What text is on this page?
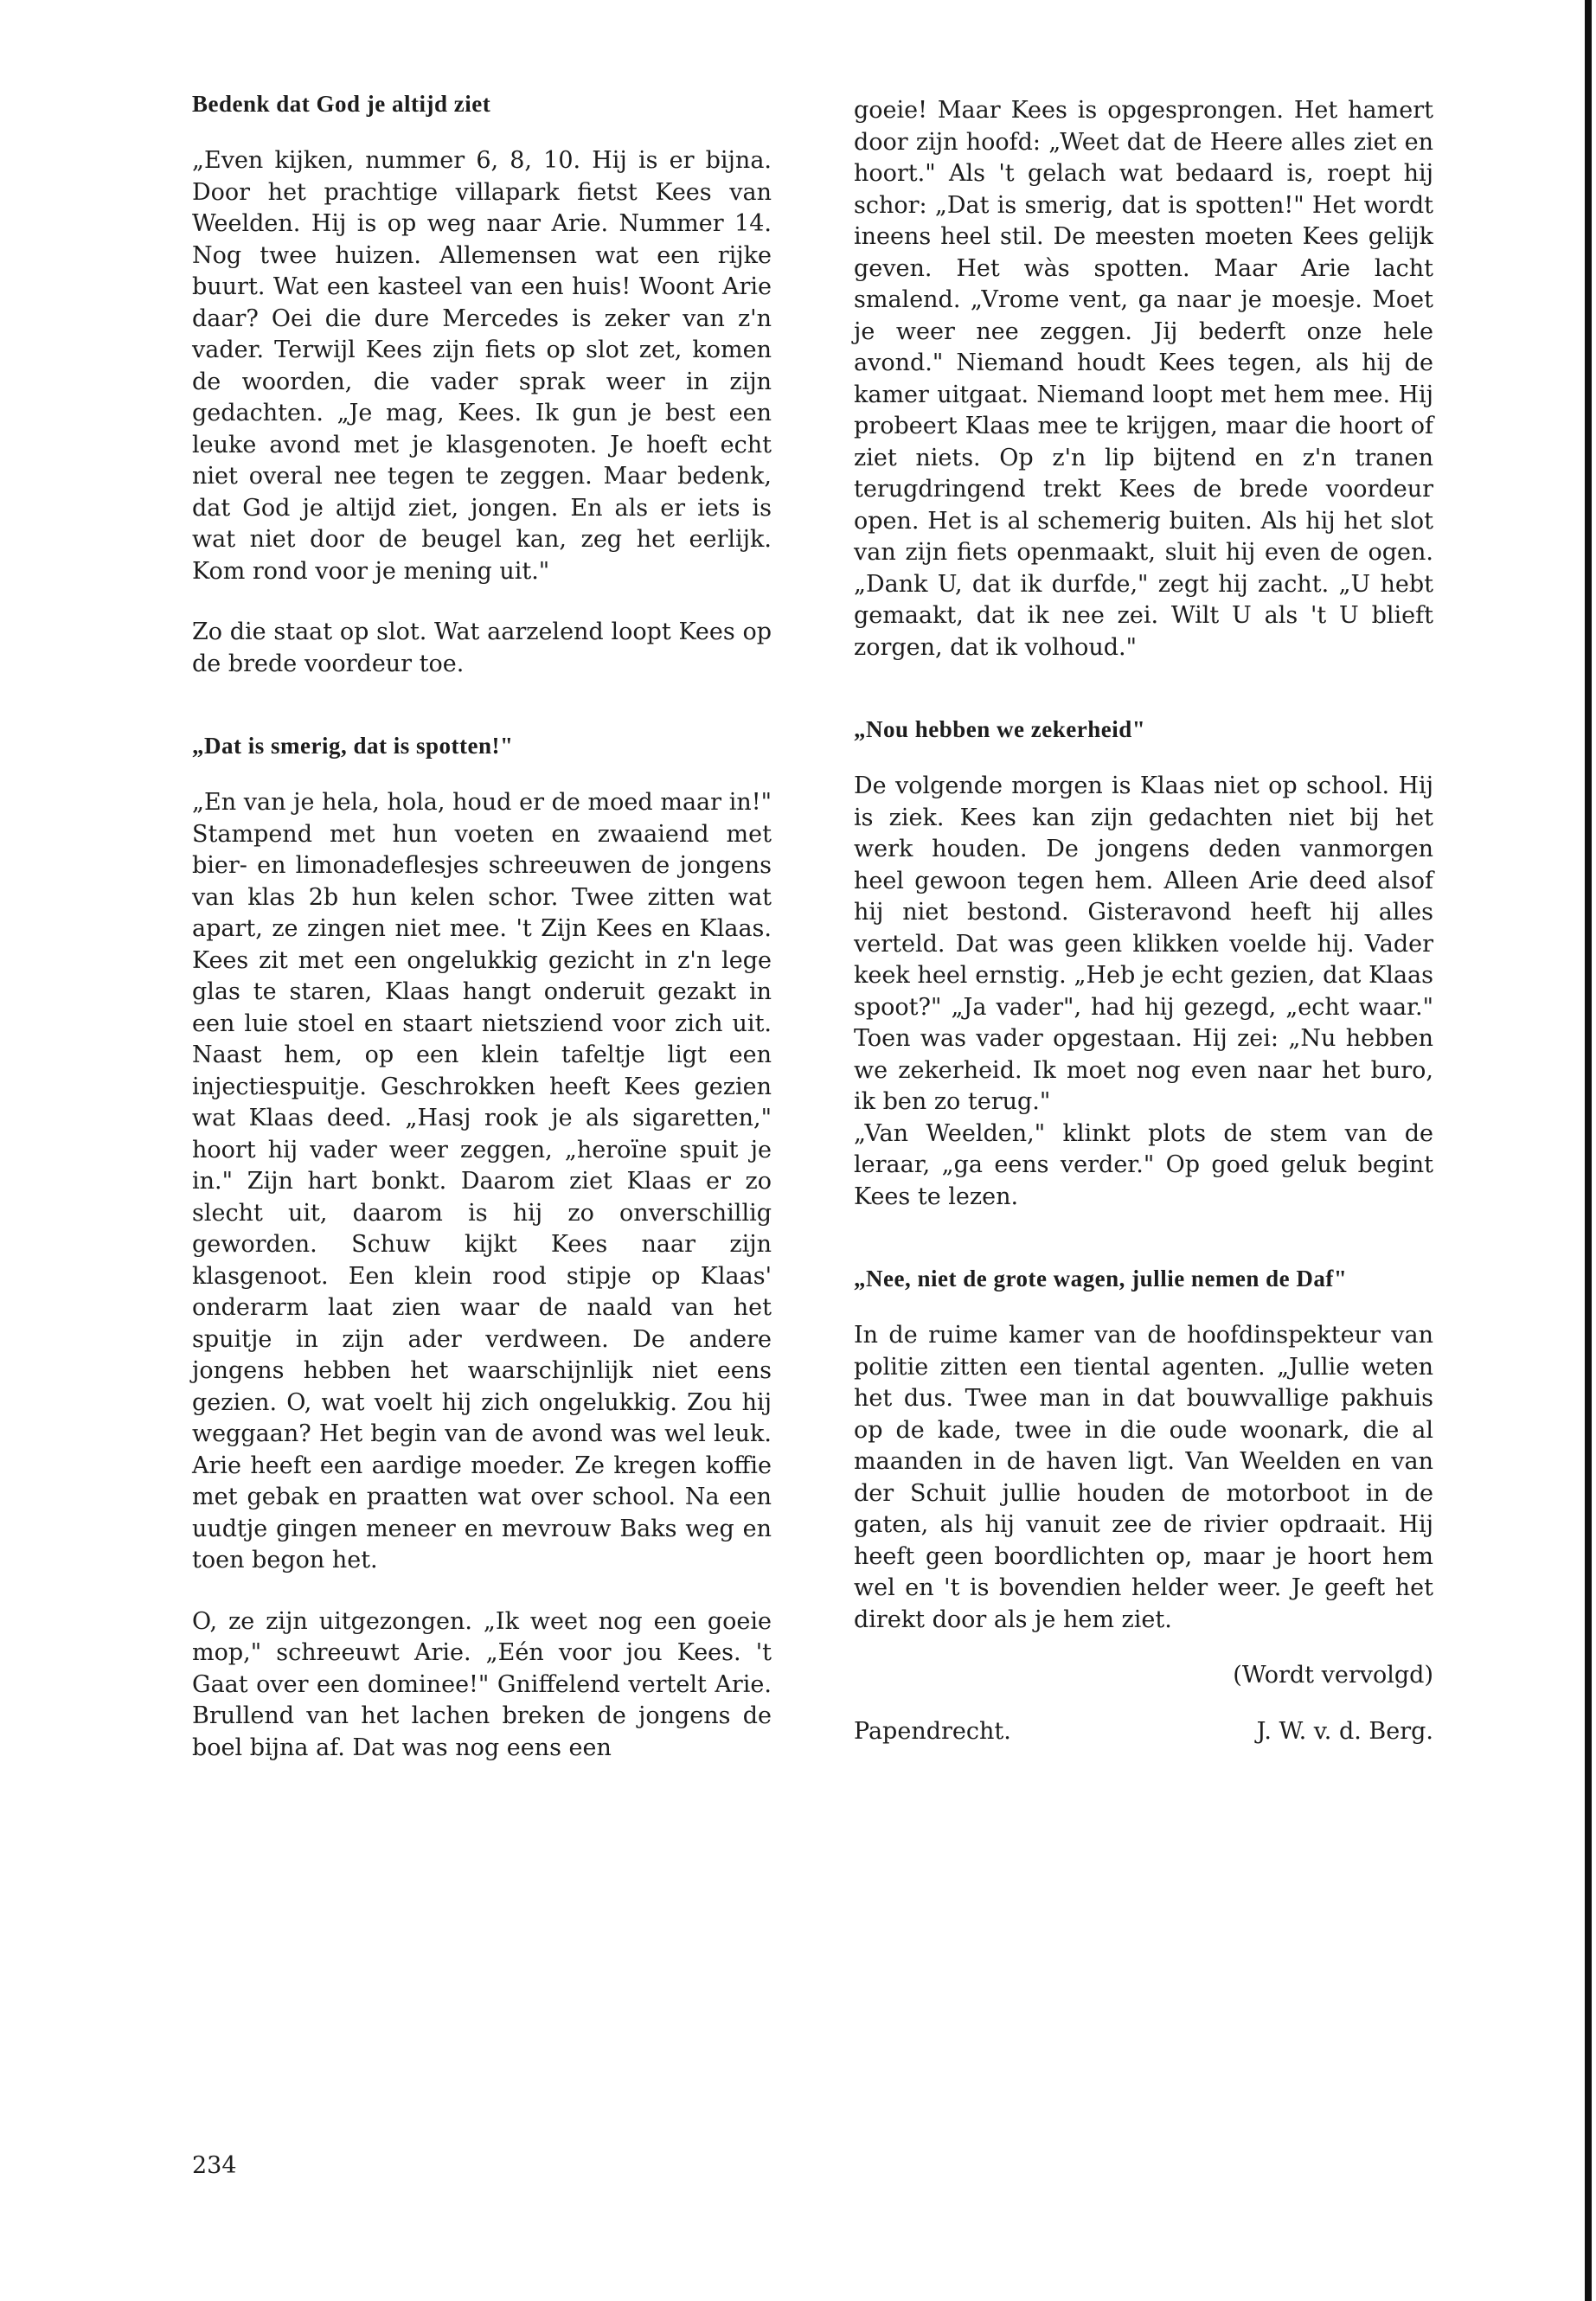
Bedenk dat God je altijd ziet

„Even kijken, nummer 6, 8, 10. Hij is er bijna. Door het prachtige villapark fietst Kees van Weelden. Hij is op weg naar Arie. Nummer 14. Nog twee huizen. Allemensen wat een rijke buurt. Wat een kasteel van een huis! Woont Arie daar? Oei die dure Mercedes is zeker van z'n vader. Terwijl Kees zijn fiets op slot zet, komen de woorden, die vader sprak weer in zijn gedachten. „Je mag, Kees. Ik gun je best een leuke avond met je klasgenoten. Je hoeft echt niet overal nee tegen te zeggen. Maar bedenk, dat God je altijd ziet, jongen. En als er iets is wat niet door de beugel kan, zeg het eerlijk. Kom rond voor je mening uit."

Zo die staat op slot. Wat aarzelend loopt Kees op de brede voordeur toe.

„Dat is smerig, dat is spotten!"

„En van je hela, hola, houd er de moed maar in!" Stampend met hun voeten en zwaaiend met bier- en limonadeflesjes schreeuwen de jongens van klas 2b hun kelen schor. Twee zitten wat apart, ze zingen niet mee. 't Zijn Kees en Klaas. Kees zit met een ongelukkig gezicht in z'n lege glas te staren, Klaas hangt onderuit gezakt in een luie stoel en staart nietsziend voor zich uit. Naast hem, op een klein tafeltje ligt een injectiespuitje. Geschrokken heeft Kees gezien wat Klaas deed. „Hasj rook je als sigaretten," hoort hij vader weer zeggen, „heroïne spuit je in." Zijn hart bonkt. Daarom ziet Klaas er zo slecht uit, daarom is hij zo onverschillig geworden. Schuw kijkt Kees naar zijn klasgenoot. Een klein rood stipje op Klaas' onderarm laat zien waar de naald van het spuitje in zijn ader verdween. De andere jongens hebben het waarschijnlijk niet eens gezien. O, wat voelt hij zich ongelukkig. Zou hij weggaan? Het begin van de avond was wel leuk. Arie heeft een aardige moeder. Ze kregen koffie met gebak en praatten wat over school. Na een uudtje gingen meneer en mevrouw Baks weg en toen begon het.

O, ze zijn uitgezongen. „Ik weet nog een goeie mop," schreeuwt Arie. „Eén voor jou Kees. 't Gaat over een dominee!" Gniffelend vertelt Arie. Brullend van het lachen breken de jongens de boel bijna af. Dat was nog eens een

goeie! Maar Kees is opgesprongen. Het hamert door zijn hoofd: „Weet dat de Heere alles ziet en hoort." Als 't gelach wat bedaard is, roept hij schor: „Dat is smerig, dat is spotten!" Het wordt ineens heel stil. De meesten moeten Kees gelijk geven. Het wàs spotten. Maar Arie lacht smalend. „Vrome vent, ga naar je moesje. Moet je weer nee zeggen. Jij bederft onze hele avond." Niemand houdt Kees tegen, als hij de kamer uitgaat. Niemand loopt met hem mee. Hij probeert Klaas mee te krijgen, maar die hoort of ziet niets. Op z'n lip bijtend en z'n tranen terugdringend trekt Kees de brede voordeur open. Het is al schemerig buiten. Als hij het slot van zijn fiets openmaakt, sluit hij even de ogen. „Dank U, dat ik durfde," zegt hij zacht. „U hebt gemaakt, dat ik nee zei. Wilt U als 't U blieft zorgen, dat ik volhoud."

„Nou hebben we zekerheid"

De volgende morgen is Klaas niet op school. Hij is ziek. Kees kan zijn gedachten niet bij het werk houden. De jongens deden vanmorgen heel gewoon tegen hem. Alleen Arie deed alsof hij niet bestond. Gisteravond heeft hij alles verteld. Dat was geen klikken voelde hij. Vader keek heel ernstig. „Heb je echt gezien, dat Klaas spoot?" „Ja vader", had hij gezegd, „echt waar." Toen was vader opgestaan. Hij zei: „Nu hebben we zekerheid. Ik moet nog even naar het buro, ik ben zo terug."

„Van Weelden," klinkt plots de stem van de leraar, „ga eens verder." Op goed geluk begint Kees te lezen.

„Nee, niet de grote wagen, jullie nemen de Daf"

In de ruime kamer van de hoofdinspekteur van politie zitten een tiental agenten. „Jullie weten het dus. Twee man in dat bouwvallige pakhuis op de kade, twee in die oude woonark, die al maanden in de haven ligt. Van Weelden en van der Schuit jullie houden de motorboot in de gaten, als hij vanuit zee de rivier opdraait. Hij heeft geen boordlichten op, maar je hoort hem wel en 't is bovendien helder weer. Je geeft het direkt door als je hem ziet.

(Wordt vervolgd)

Papendrecht.	J. W. v. d. Berg.
234
